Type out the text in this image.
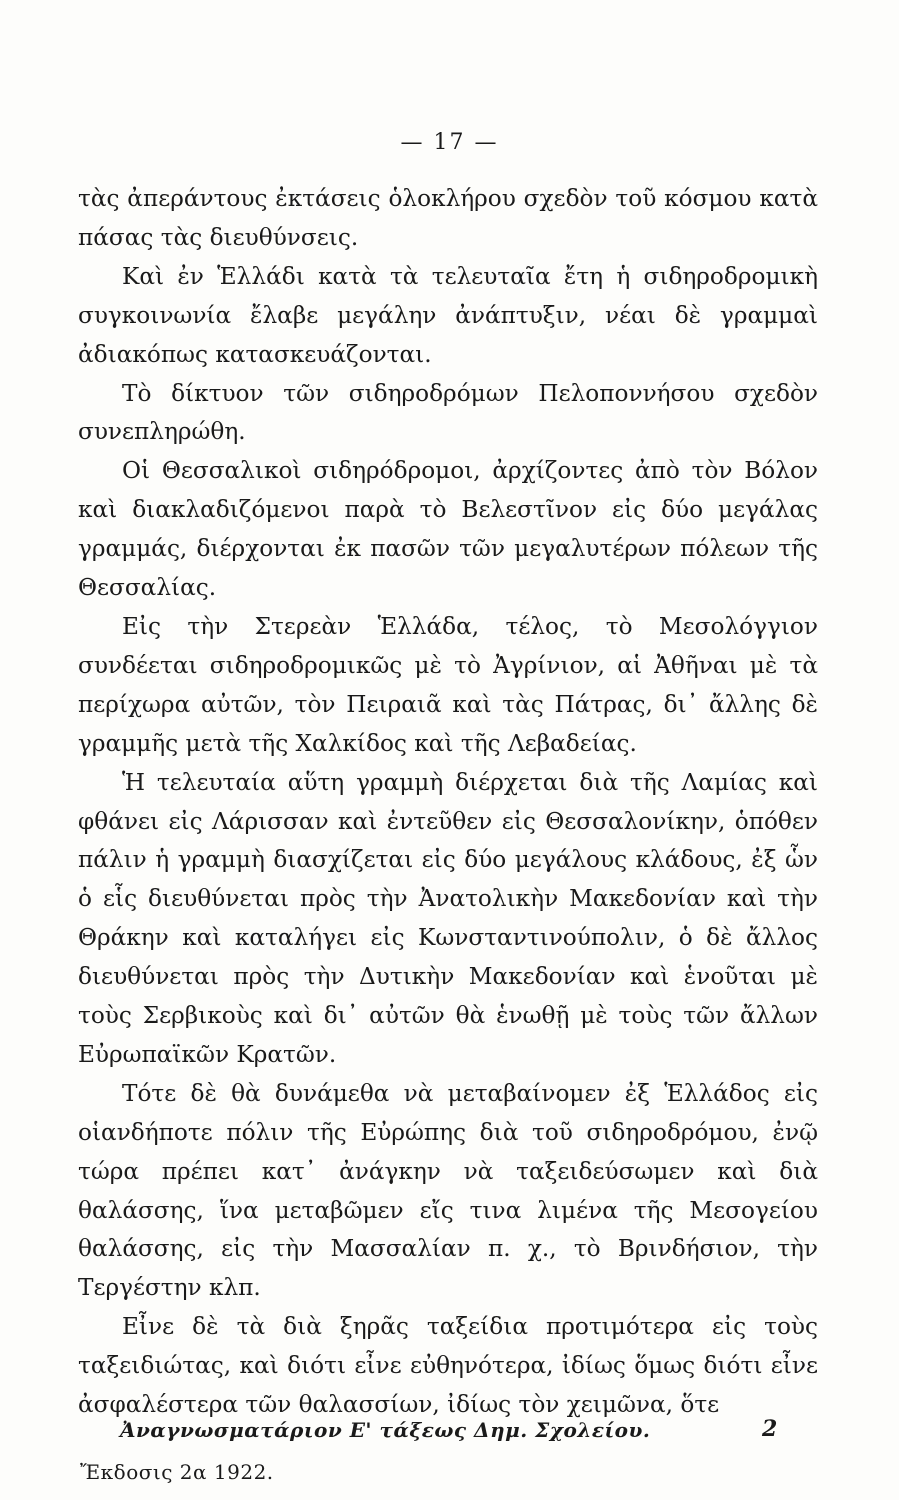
— 17 —

τὰς ἀπεράντους ἐκτάσεις ὁλοκλήρου σχεδὸν τοῦ κόσμου κατὰ πάσας τὰς διευθύνσεις.

Καὶ ἐν Ἑλλάδι κατὰ τὰ τελευταῖα ἔτη ἡ σιδηροδρομικὴ συγκοινωνία ἔλαβε μεγάλην ἀνάπτυξιν, νέαι δὲ γραμμαὶ ἀδιακόπως κατασκευάζονται.

Τὸ δίκτυον τῶν σιδηροδρόμων Πελοποννήσου σχεδὸν συνεπληρώθη.

Οἱ Θεσσαλικοὶ σιδηρόδρομοι, ἀρχίζοντες ἀπὸ τὸν Βόλον καὶ διακλαδιζόμενοι παρὰ τὸ Βελεστῖνον εἰς δύο μεγάλας γραμμάς, διέρχονται ἐκ πασῶν τῶν μεγαλυτέρων πόλεων τῆς Θεσσαλίας.

Εἰς τὴν Στερεὰν Ἑλλάδα, τέλος, τὸ Μεσολόγγιον συνδέεται σιδηροδρομικῶς μὲ τὸ Ἀγρίνιον, αἱ Ἀθῆναι μὲ τὰ περίχωρα αὐτῶν, τὸν Πειραιᾶ καὶ τὰς Πάτρας, δι᾽ ἄλλης δὲ γραμμῆς μετὰ τῆς Χαλκίδος καὶ τῆς Λεβαδείας.

Ἡ τελευταία αὕτη γραμμὴ διέρχεται διὰ τῆς Λαμίας καὶ φθάνει εἰς Λάρισσαν καὶ ἐντεῦθεν εἰς Θεσσαλονίκην, ὁπόθεν πάλιν ἡ γραμμὴ διασχίζεται εἰς δύο μεγάλους κλάδους, ἐξ ὧν ὁ εἷς διευθύνεται πρὸς τὴν Ἀνατολικὴν Μακεδονίαν καὶ τὴν Θράκην καὶ καταλήγει εἰς Κωνσταντινούπολιν, ὁ δὲ ἄλλος διευθύνεται πρὸς τὴν Δυτικὴν Μακεδονίαν καὶ ἑνοῦται μὲ τοὺς Σερβικοὺς καὶ δι᾽ αὐτῶν θὰ ἑνωθῇ μὲ τοὺς τῶν ἄλλων Εὐρωπαϊκῶν Κρατῶν.

Τότε δὲ θὰ δυνάμεθα νὰ μεταβαίνομεν ἐξ Ἑλλάδος εἰς οἱανδήποτε πόλιν τῆς Εὐρώπης διὰ τοῦ σιδηροδρόμου, ἐνῷ τώρα πρέπει κατ᾽ ἀνάγκην νὰ ταξειδεύσωμεν καὶ διὰ θαλάσσης, ἵνα μεταβῶμεν εἴς τινα λιμένα τῆς Μεσογείου θαλάσσης, εἰς τὴν Μασσαλίαν π. χ., τὸ Βρινδήσιον, τὴν Τεργέστην κλπ.

Εἶνε δὲ τὰ διὰ ξηρᾶς ταξείδια προτιμότερα εἰς τοὺς ταξειδιώτας, καὶ διότι εἶνε εὐθηνότερα, ἰδίως ὅμως διότι εἶνε ἀσφαλέστερα τῶν θαλασσίων, ἰδίως τὸν χειμῶνα, ὅτε

Ἀναγνωσματάριον Ε' τάξεως Δημ. Σχολείου.	2
Ἔκδοσις 2α 1922.
